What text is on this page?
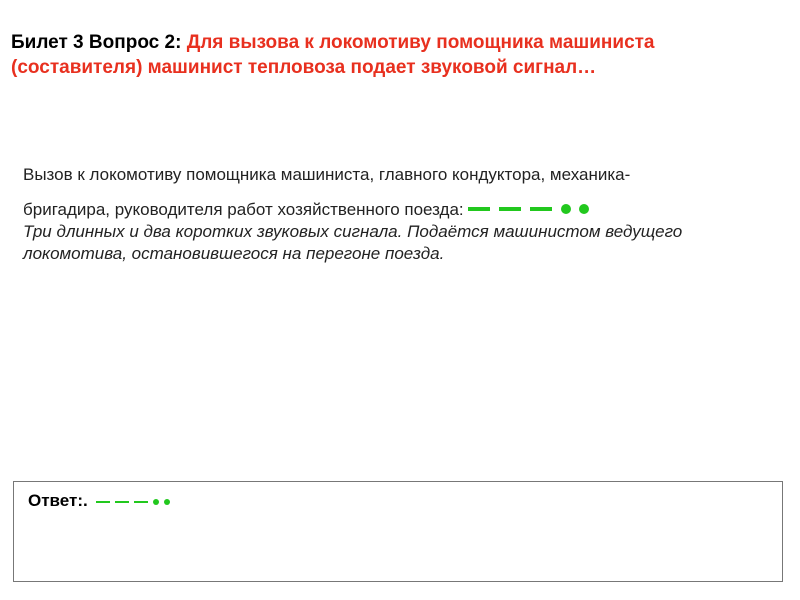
Билет 3 Вопрос 2: Для вызова к локомотиву помощника машиниста (составителя) машинист тепловоза подает звуковой сигнал…
Вызов к локомотиву помощника машиниста, главного кондуктора, механика-
бригадира, руководителя работ хозяйственного поезда:
Три длинных и два коротких звуковых сигнала. Подаётся машинистом ведущего локомотива, остановившегося на перегоне поезда.
Ответ:.
